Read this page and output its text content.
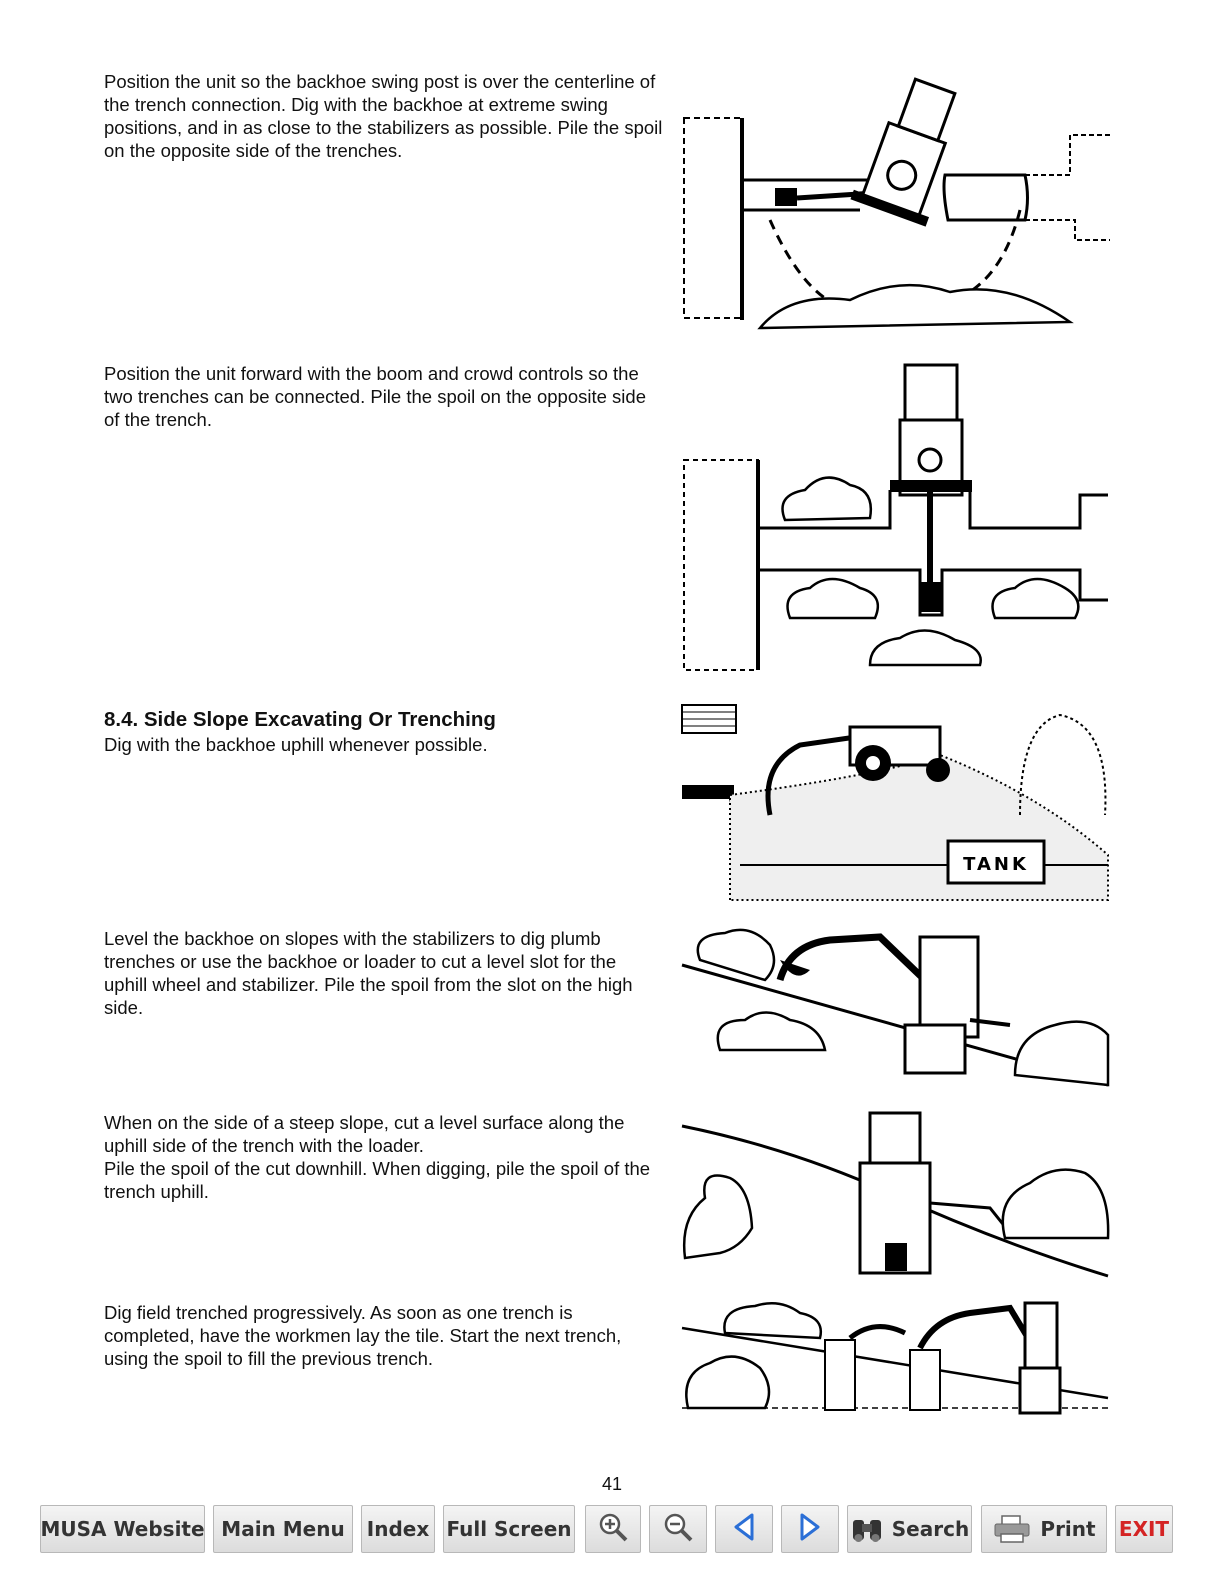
Position the unit so the backhoe swing post is over the centerline of the trench connection. Dig with the backhoe at extreme swing positions, and in as close to the stabilizers as possible. Pile the spoil on the opposite side of the trenches.

Position the unit forward with the boom and crowd controls so the two trenches can be connected. Pile the spoil on the opposite side of the trench.

8.4. Side Slope Excavating Or Trenching

Dig with the backhoe uphill whenever possible.

Level the backhoe on slopes with the stabilizers to dig plumb trenches or use the backhoe or loader to cut a level slot for the uphill wheel and stabilizer. Pile the spoil from the slot on the high side.

When on the side of a steep slope, cut a level surface along the uphill side of the trench with the loader.

Pile the spoil of the cut downhill. When digging, pile the spoil of the trench uphill.

Dig field trenched progressively. As soon as one trench is completed, have the workmen lay the tile. Start the next trench, using the spoil to fill the previous trench.

TANK
41
MUSA Website Main Menu Index Full Screen	Search	Print EXIT
